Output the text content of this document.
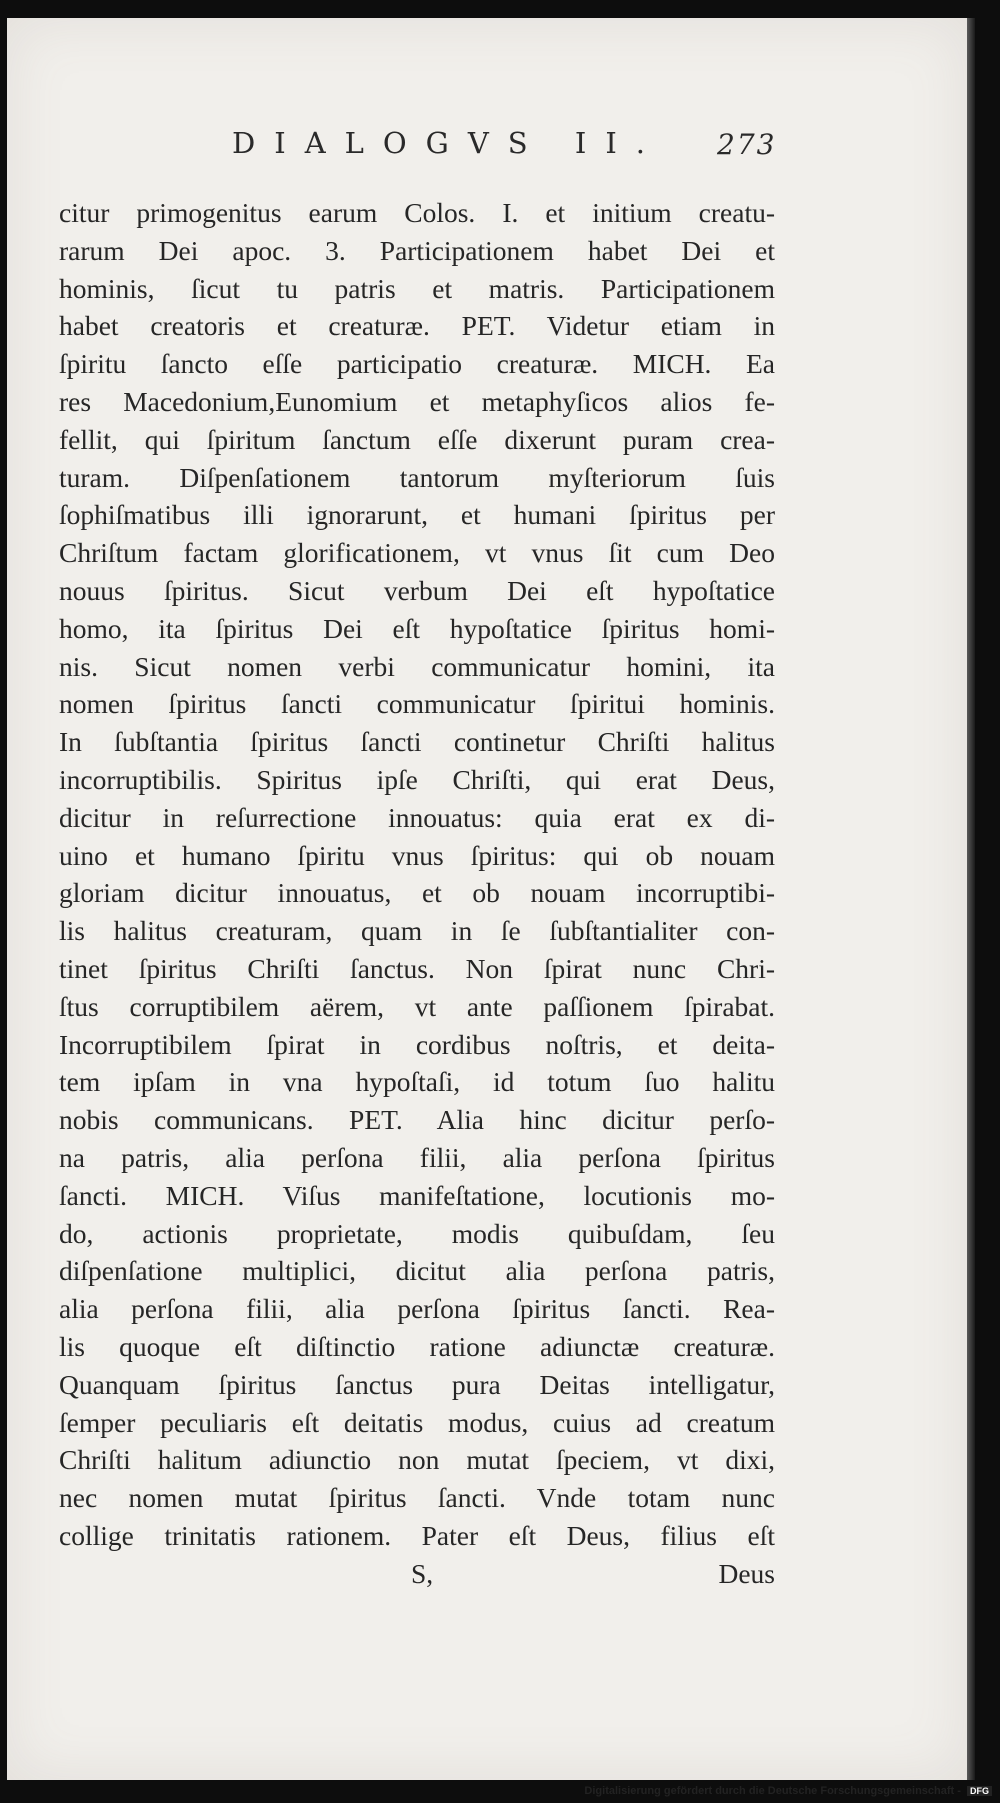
DIALOGVS II. 273
citur primogenitus earum Colos. I. et initium creatu-
rarum Dei apoc. 3. Participationem habet Dei et
hominis, ſicut tu patris et matris. Participationem
habet creatoris et creaturæ. PET. Videtur etiam in
ſpiritu ſancto eſſe participatio creaturæ. MICH. Ea
res Macedonium,Eunomium et metaphyſicos alios fe-
fellit, qui ſpiritum ſanctum eſſe dixerunt puram crea-
turam. Diſpenſationem tantorum myſteriorum ſuis
ſophiſmatibus illi ignorarunt, et humani ſpiritus per
Chriſtum factam glorificationem, vt vnus ſit cum Deo
nouus ſpiritus. Sicut verbum Dei eſt hypoſtatice
homo, ita ſpiritus Dei eſt hypoſtatice ſpiritus homi-
nis. Sicut nomen verbi communicatur homini, ita
nomen ſpiritus ſancti communicatur ſpiritui hominis.
In ſubſtantia ſpiritus ſancti continetur Chriſti halitus
incorruptibilis. Spiritus ipſe Chriſti, qui erat Deus,
dicitur in reſurrectione innouatus: quia erat ex di-
uino et humano ſpiritu vnus ſpiritus: qui ob nouam
gloriam dicitur innouatus, et ob nouam incorruptibi-
lis halitus creaturam, quam in ſe ſubſtantialiter con-
tinet ſpiritus Chriſti ſanctus. Non ſpirat nunc Chri-
ſtus corruptibilem aërem, vt ante paſſionem ſpirabat.
Incorruptibilem ſpirat in cordibus noſtris, et deita-
tem ipſam in vna hypoſtaſi, id totum ſuo halitu
nobis communicans. PET. Alia hinc dicitur perſo-
na patris, alia perſona filii, alia perſona ſpiritus
ſancti. MICH. Viſus manifeſtatione, locutionis mo-
do, actionis proprietate, modis quibuſdam, ſeu
diſpenſatione multiplici, dicitut alia perſona patris,
alia perſona filii, alia perſona ſpiritus ſancti. Rea-
lis quoque eſt diſtinctio ratione adiunctæ creaturæ.
Quanquam ſpiritus ſanctus pura Deitas intelligatur,
ſemper peculiaris eſt deitatis modus, cuius ad creatum
Chriſti halitum adiunctio non mutat ſpeciem, vt dixi,
nec nomen mutat ſpiritus ſancti. Vnde totam nunc
collige trinitatis rationem. Pater eſt Deus, filius eſt
S,	Deus
Digitalisierung gefördert durch die Deutsche Forschungsgemeinschaft - DFG
